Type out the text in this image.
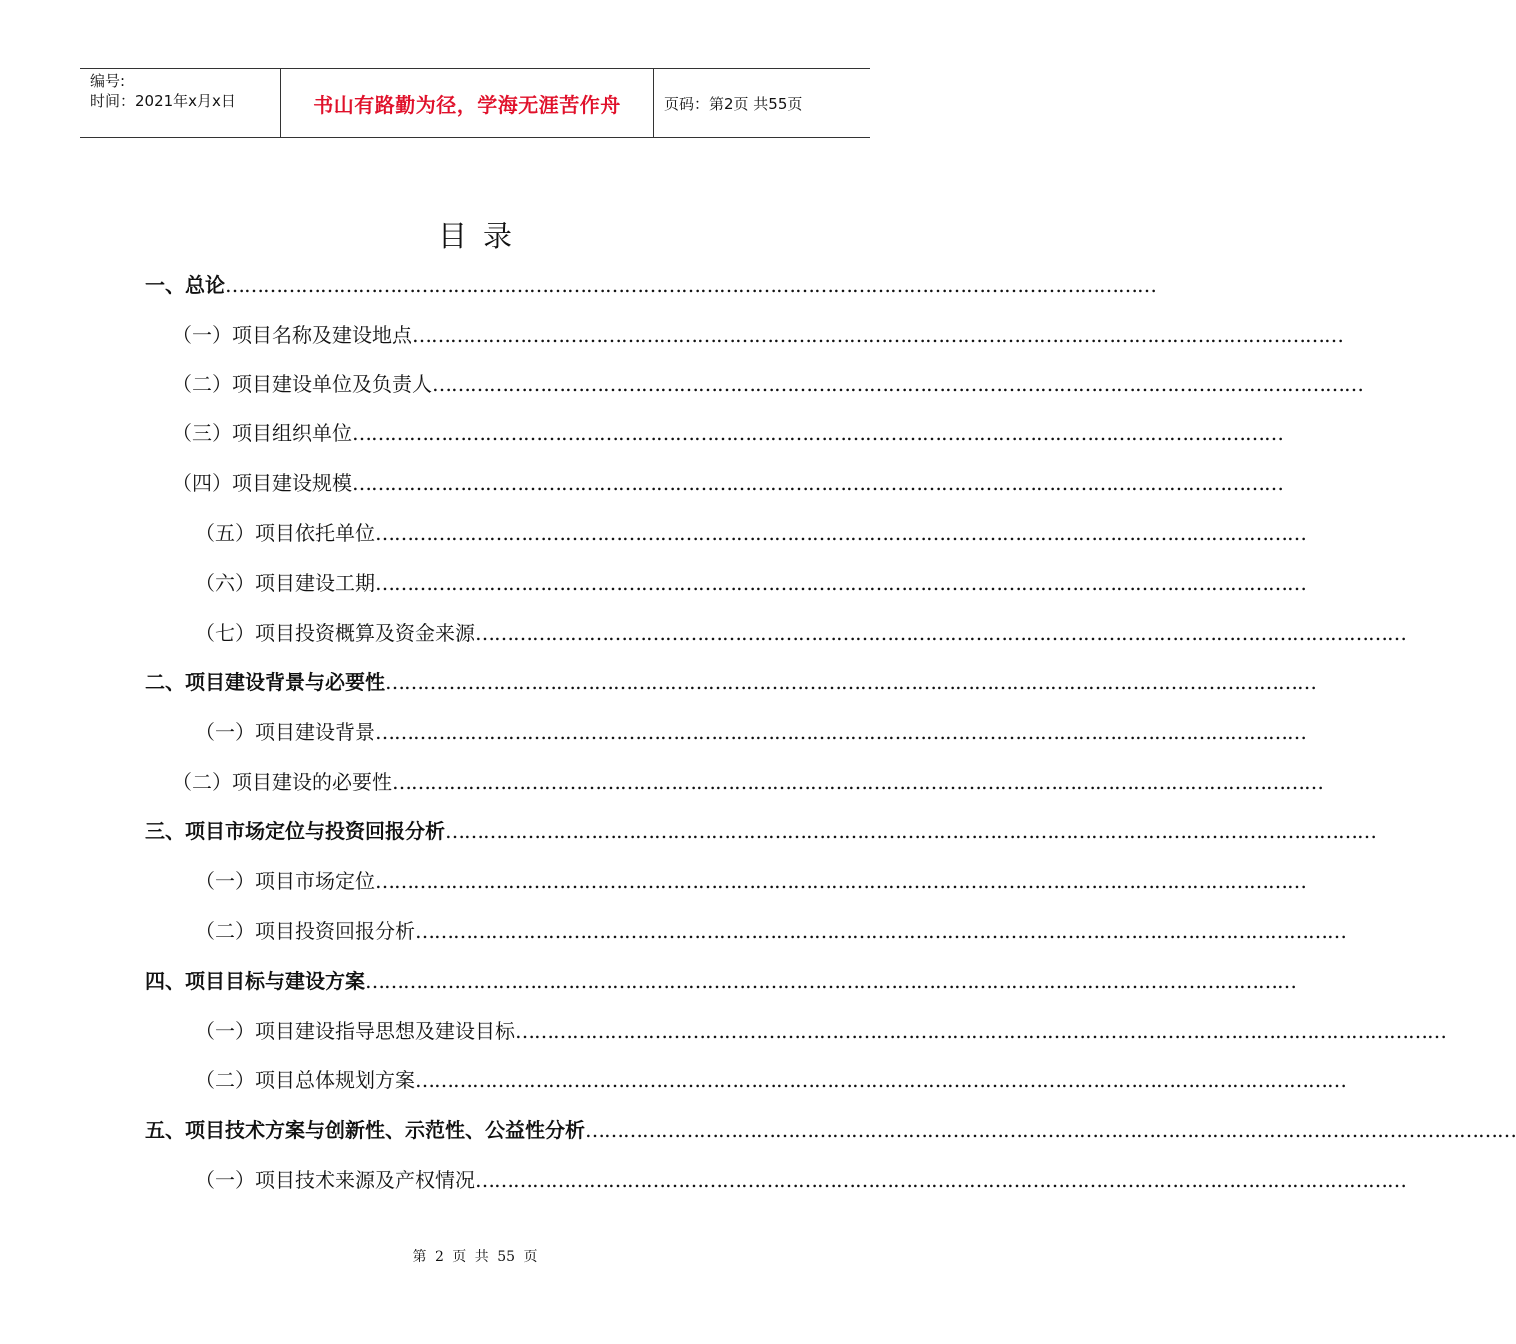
编号:
时间：2021年x月x日	书山有路勤为径，学海无涯苦作舟	页码：第2页 共55页
目录
一、总论 …………………………………………………………………………………………………………………………………
（一）项目名称及建设地点 …………………………………………………………………………………………………………………………………
（二）项目建设单位及负责人 …………………………………………………………………………………………………………………………………
（三）项目组织单位 …………………………………………………………………………………………………………………………………
（四）项目建设规模 …………………………………………………………………………………………………………………………………
（五）项目依托单位 …………………………………………………………………………………………………………………………………
（六）项目建设工期 …………………………………………………………………………………………………………………………………
（七）项目投资概算及资金来源 …………………………………………………………………………………………………………………………………
二、项目建设背景与必要性 …………………………………………………………………………………………………………………………………
（一）项目建设背景 …………………………………………………………………………………………………………………………………
（二）项目建设的必要性 …………………………………………………………………………………………………………………………………
三、项目市场定位与投资回报分析 …………………………………………………………………………………………………………………………………
（一）项目市场定位 …………………………………………………………………………………………………………………………………
（二）项目投资回报分析 …………………………………………………………………………………………………………………………………
四、项目目标与建设方案 …………………………………………………………………………………………………………………………………
（一）项目建设指导思想及建设目标 …………………………………………………………………………………………………………………………………
（二）项目总体规划方案 …………………………………………………………………………………………………………………………………
五、项目技术方案与创新性、示范性、公益性分析 …………………………………………………………………………………………………………………………………
（一）项目技术来源及产权情况 …………………………………………………………………………………………………………………………………
第 2 页 共 55 页
